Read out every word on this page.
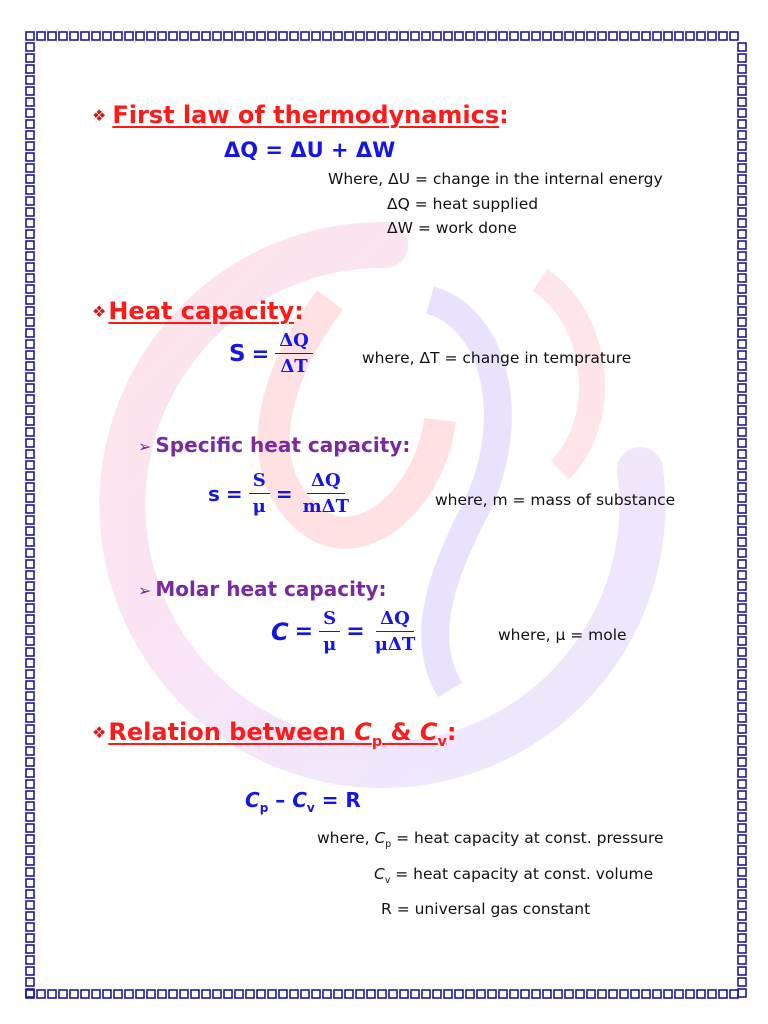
❖ First law of thermodynamics:
ΔQ = ΔU + ΔW
Where, ΔU = change in the internal energy
ΔQ = heat supplied
ΔW = work done
❖Heat capacity:
$S = \frac{\Delta Q}{\Delta T}$	where, ΔT = change in temprature
➢ Specific heat capacity:
$s = \frac{S}{\mu} = \frac{\Delta Q}{\text{mΔT}}$	where, m = mass of substance
➢ Molar heat capacity:
$C = \frac{S}{\mu} = \frac{\Delta Q}{\text{μΔT}}$	where, μ = mole
❖Relation between $C_p$ & $C_v$:
$C_p - C_v = R$
where, $C_p$ = heat capacity at const. pressure
$C_v$ = heat capacity at const. volume
R = universal gas constant
